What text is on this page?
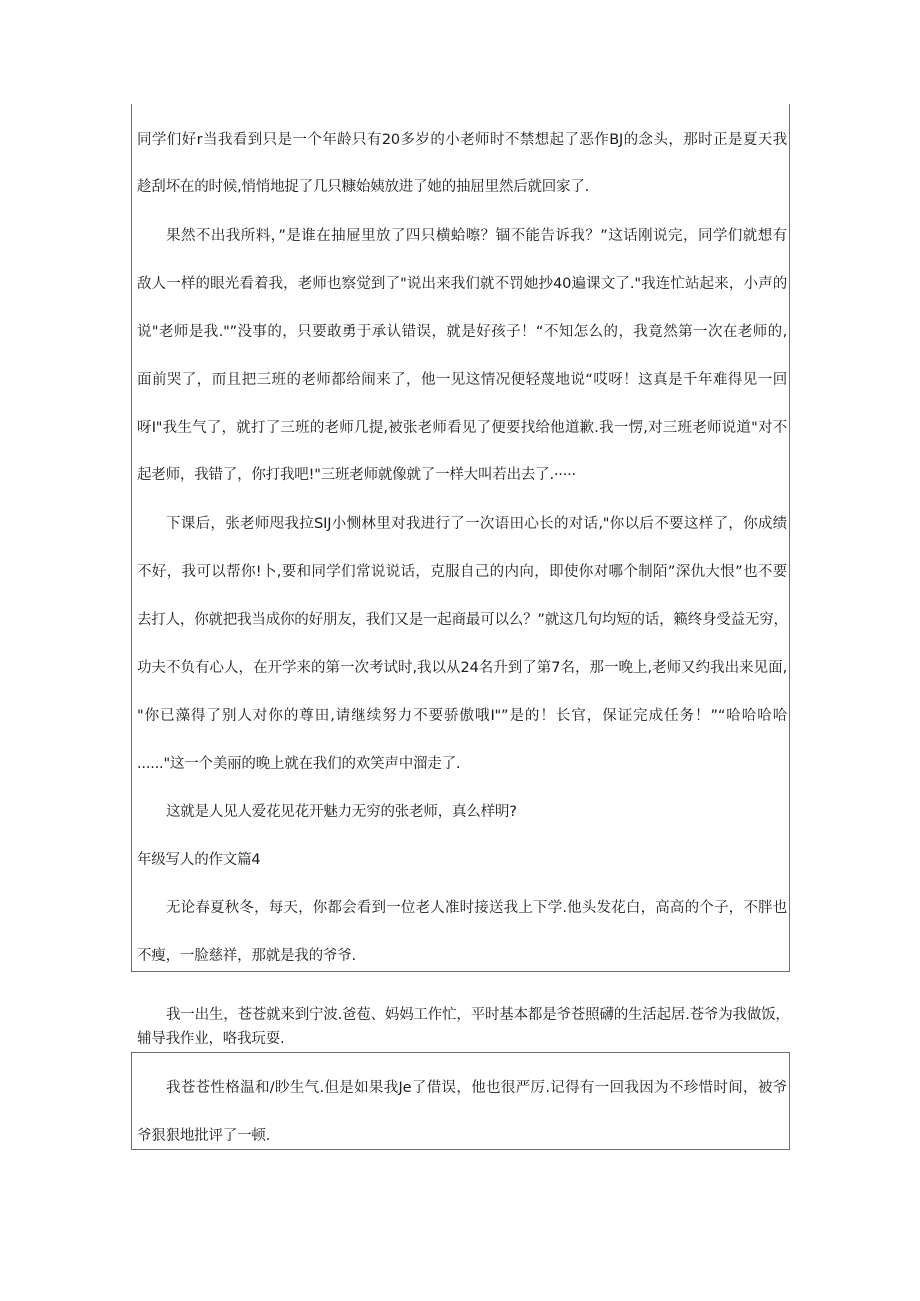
同学们好r当我看到只是一个年龄只有20多岁的小老师时不禁想起了恶作BJ的念头，那时正是夏天我
趁刮坏在的时候,悄悄地捉了几只糠始姨放进了她的抽屈里然后就回家了.
果然不出我所料，”是谁在抽屉里放了四只横蛤嚓？锢不能告诉我？”这话刚说完，同学们就想有
敌人一样的眼光看着我，老师也察觉到了"说出来我们就不罚她抄40遍课文了."我连忙站起来，小声的
说"老师是我."”没事的，只要敢勇于承认错误，就是好孩子！“不知怎么的，我竟然第一次在老师的,
面前哭了，而且把三班的老师都给闹来了，他一见这情况便轻蔑地说“哎呀！这真是千年难得见一回
呀I"我生气了，就打了三班的老师几提,被张老师看见了便要找给他道歉.我一愣,对三班老师说道"对不
起老师，我错了，你打我吧!"三班老师就像就了一样大叫若出去了.·····
下课后，张老师咫我拉SIJ小恻林里对我进行了一次语田心长的对话,"你以后不要这样了，你成绩
不好，我可以帮你!卜,要和同学们常说说话，克服自己的内向，即使你对哪个制陌”深仇大恨”也不要
去打人，你就把我当成你的好朋友，我们又是一起商最可以么？”就这几句均短的话，籁终身受益无穷，
功夫不负有心人，在开学来的第一次考试时,我以从24名升到了第7名，那一晚上,老师又约我出来见面,
"你已藻得了别人对你的尊田,请继续努力不要骄傲哦I"”是的！长官，保证完成任务！”“哈哈哈哈
......"这一个美丽的晚上就在我们的欢笑声中溜走了.
这就是人见人爱花见花开魅力无穷的张老师，真么样明?
年级写人的作文篇4
无论春夏秋冬，每天，你都会看到一位老人准时接送我上下学.他头发花白，高高的个子，不胖也
不瘦，一脸慈祥，那就是我的爷爷.
我一出生，苍苍就来到宁波.爸苞、妈妈工作忙，平时基本都是爷苍照礴的生活起居.苍爷为我做饭，
辅导我作业，咯我玩耍.
我苍苍性格温和/眇生气.但是如果我Je了借误，他也很严厉.记得有一回我因为不珍惜时间，被爷
爷狠狠地批评了一顿.
